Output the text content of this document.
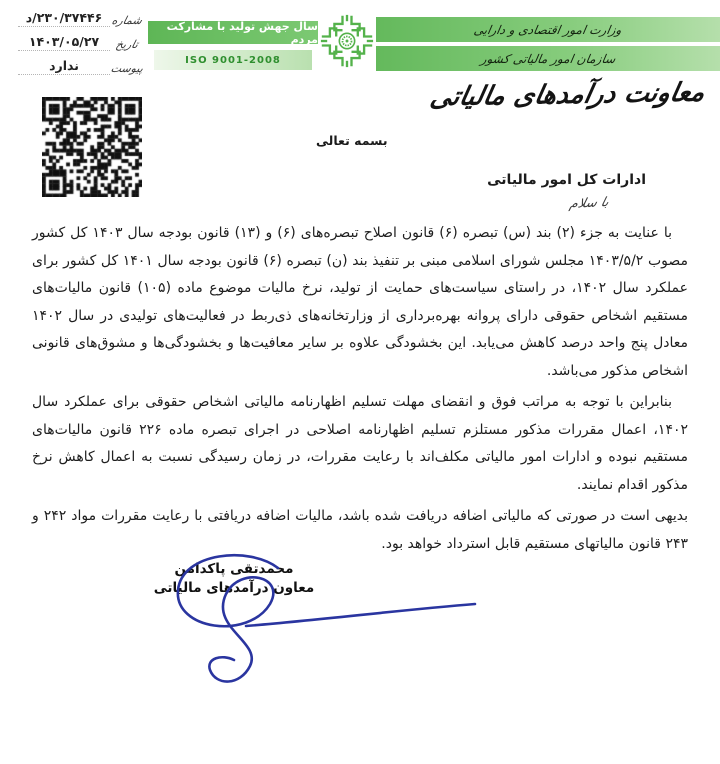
شماره
۲۳۰/۳۷۴۴۶/د
تاریخ
۱۴۰۳/۰۵/۲۷
پیوست
ندارد
سال جهش تولید با مشارکت مردم
ISO 9001-2008
وزارت امور اقتصادی و دارایی
سازمان امور مالیاتی کشور
معاونت درآمدهای مالیاتی
بسمه تعالی
ادارات کل امور مالیاتی
با سلام

با عنایت به جزء (۲) بند (س) تبصره (۶) قانون اصلاح تبصره‌های (۶) و (۱۳) قانون بودجه سال ۱۴۰۳ کل کشور مصوب ۱۴۰۳/۵/۲ مجلس شورای اسلامی مبنی بر تنفیذ بند (ن) تبصره (۶) قانون بودجه سال ۱۴۰۱ کل کشور برای عملکرد سال ۱۴۰۲، در راستای سیاست‌های حمایت از تولید، نرخ مالیات موضوع ماده (۱۰۵) قانون مالیات‌های مستقیم اشخاص حقوقی دارای پروانه بهره‌برداری از وزارتخانه‌های ذی‌ربط در فعالیت‌های تولیدی در سال ۱۴۰۲ معادل پنج واحد درصد کاهش می‌یابد. این بخشودگی علاوه بر سایر معافیت‌ها و بخشودگی‌ها و مشوق‌های قانونی اشخاص مذکور می‌باشد.

بنابراین با توجه به مراتب فوق و انقضای مهلت تسلیم اظهارنامه مالیاتی اشخاص حقوقی برای عملکرد سال ۱۴۰۲، اعمال مقررات مذکور مستلزم تسلیم اظهارنامه اصلاحی در اجرای تبصره ماده ۲۲۶ قانون مالیات‌های مستقیم نبوده و ادارات امور مالیاتی مکلف‌اند با رعایت مقررات، در زمان رسیدگی نسبت به اعمال کاهش نرخ مذکور اقدام نمایند.

بدیهی است در صورتی که مالیاتی اضافه دریافت شده باشد، مالیات اضافه دریافتی با رعایت مقررات مواد ۲۴۲ و ۲۴۳ قانون مالیاتهای مستقیم قابل استرداد خواهد بود.

محمدتقی پاکدامن
معاون درآمدهای مالیاتی
